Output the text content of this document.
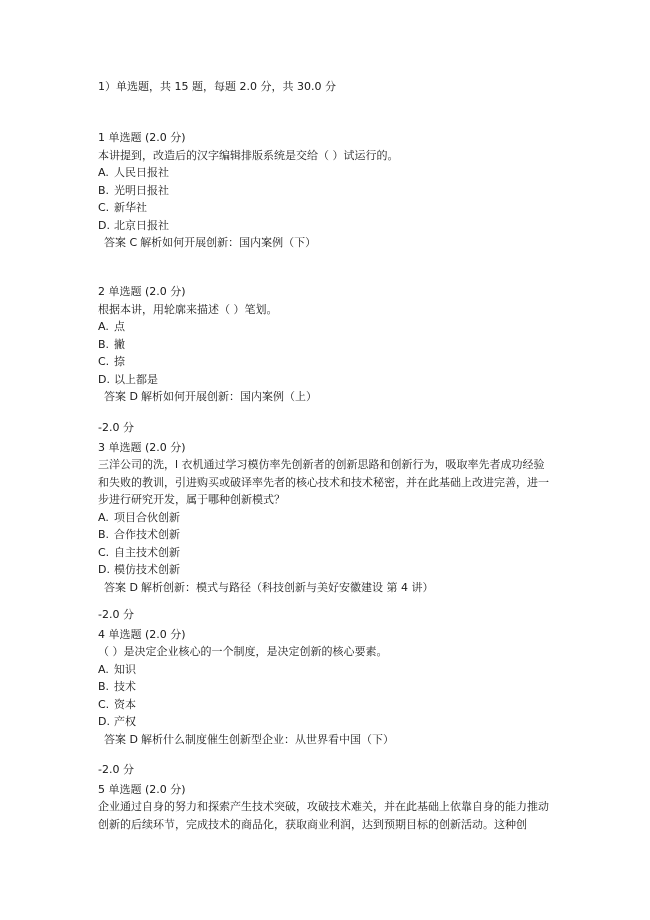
1）单选题，共 15 题，每题 2.0 分，共 30.0 分
1 单选题 (2.0 分)
本讲提到，改造后的汉字编辑排版系统是交给（ ）试运行的。
A. 人民日报社
B. 光明日报社
C. 新华社
D. 北京日报社
答案 C 解析如何开展创新：国内案例（下）
2 单选题 (2.0 分)
根据本讲，用轮廓来描述（ ）笔划。
A. 点
B. 撇
C. 捺
D. 以上都是
答案 D 解析如何开展创新：国内案例（上）
-2.0 分
3 单选题 (2.0 分)
三洋公司的洗，l 衣机通过学习模仿率先创新者的创新思路和创新行为，吸取率先者成功经验和失败的教训，引进购买或破译率先者的核心技术和技术秘密，并在此基础上改进完善，进一步进行研究开发，属于哪种创新模式？
A. 项目合伙创新
B. 合作技术创新
C. 自主技术创新
D. 模仿技术创新
答案 D 解析创新：模式与路径（科技创新与美好安徽建设 第 4 讲）
-2.0 分
4 单选题 (2.0 分)
（ ）是决定企业核心的一个制度，是决定创新的核心要素。
A. 知识
B. 技术
C. 资本
D. 产权
答案 D 解析什么制度催生创新型企业：从世界看中国（下）
-2.0 分
5 单选题 (2.0 分)
企业通过自身的努力和探索产生技术突破，攻破技术难关，并在此基础上依靠自身的能力推动创新的后续环节，完成技术的商品化，获取商业利润，达到预期目标的创新活动。这种创
